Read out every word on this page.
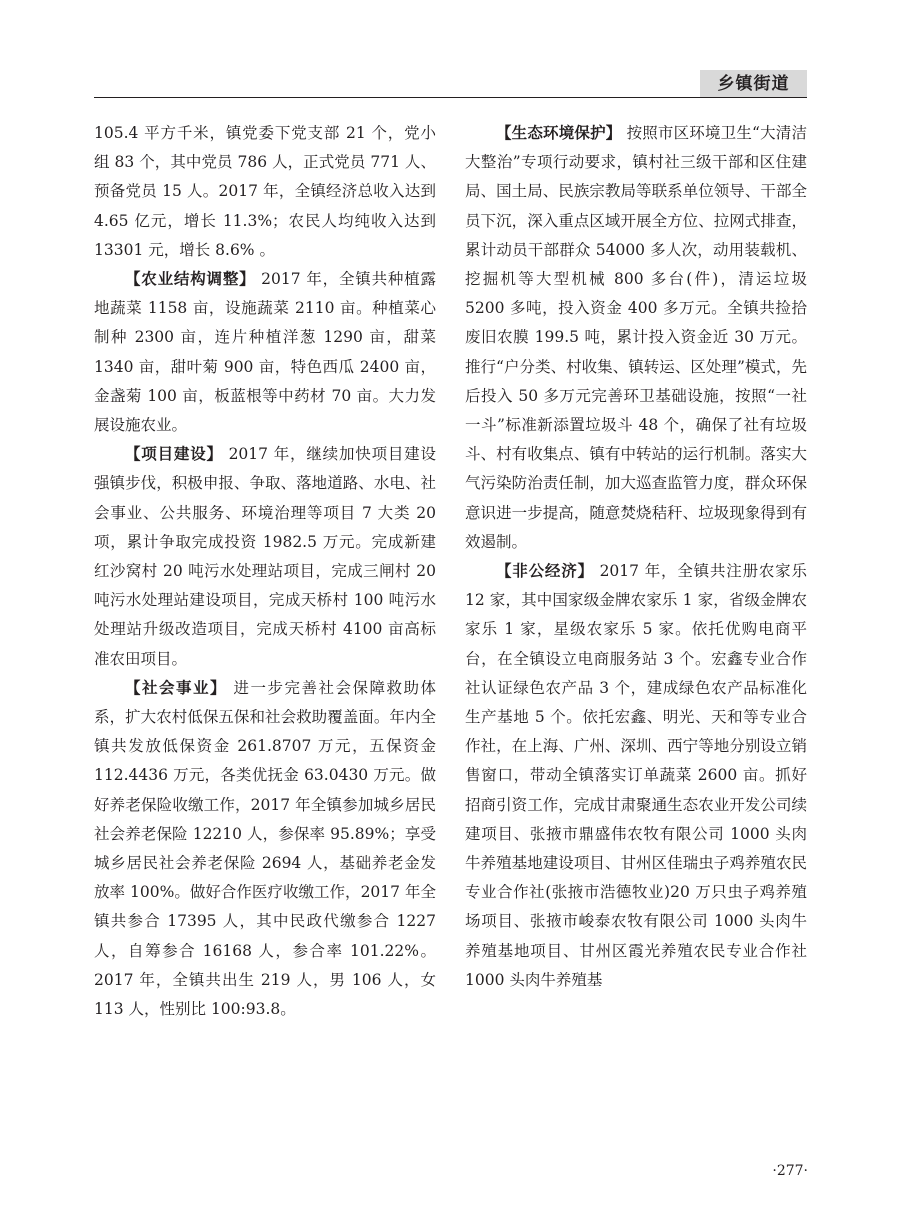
乡镇街道

105.4 平方千米，镇党委下党支部 21 个，党小组 83 个，其中党员 786 人，正式党员 771 人、预备党员 15 人。2017 年，全镇经济总收入达到 4.65 亿元，增长 11.3%；农民人均纯收入达到 13301 元，增长 8.6% 。

【农业结构调整】 2017 年，全镇共种植露地蔬菜 1158 亩，设施蔬菜 2110 亩。种植菜心制种 2300 亩，连片种植洋葱 1290 亩，甜菜 1340 亩，甜叶菊 900 亩，特色西瓜 2400 亩，金盏菊 100 亩，板蓝根等中药材 70 亩。大力发展设施农业。

【项目建设】 2017 年，继续加快项目建设强镇步伐，积极申报、争取、落地道路、水电、社会事业、公共服务、环境治理等项目 7 大类 20 项，累计争取完成投资 1982.5 万元。完成新建红沙窝村 20 吨污水处理站项目，完成三闸村 20 吨污水处理站建设项目，完成天桥村 100 吨污水处理站升级改造项目，完成天桥村 4100 亩高标准农田项目。

【社会事业】 进一步完善社会保障救助体系，扩大农村低保五保和社会救助覆盖面。年内全镇共发放低保资金 261.8707 万元，五保资金 112.4436 万元，各类优抚金 63.0430 万元。做好养老保险收缴工作，2017 年全镇参加城乡居民社会养老保险 12210 人，参保率 95.89%；享受城乡居民社会养老保险 2694 人，基础养老金发放率 100%。做好合作医疗收缴工作，2017 年全镇共参合 17395 人，其中民政代缴参合 1227 人，自筹参合 16168 人，参合率 101.22%。2017 年，全镇共出生 219 人，男 106 人，女 113 人，性别比 100:93.8。

【生态环境保护】 按照市区环境卫生“大清洁大整治”专项行动要求，镇村社三级干部和区住建局、国土局、民族宗教局等联系单位领导、干部全员下沉，深入重点区域开展全方位、拉网式排查，累计动员干部群众 54000 多人次，动用装载机、挖掘机等大型机械 800 多台(件)，清运垃圾 5200 多吨，投入资金 400 多万元。全镇共捡拾废旧农膜 199.5 吨，累计投入资金近 30 万元。推行“户分类、村收集、镇转运、区处理”模式，先后投入 50 多万元完善环卫基础设施，按照“一社一斗”标准新添置垃圾斗 48 个，确保了社有垃圾斗、村有收集点、镇有中转站的运行机制。落实大气污染防治责任制，加大巡查监管力度，群众环保意识进一步提高，随意焚烧秸秆、垃圾现象得到有效遏制。

【非公经济】 2017 年，全镇共注册农家乐 12 家，其中国家级金牌农家乐 1 家，省级金牌农家乐 1 家，星级农家乐 5 家。依托优购电商平台，在全镇设立电商服务站 3 个。宏鑫专业合作社认证绿色农产品 3 个，建成绿色农产品标准化生产基地 5 个。依托宏鑫、明光、天和等专业合作社，在上海、广州、深圳、西宁等地分别设立销售窗口，带动全镇落实订单蔬菜 2600 亩。抓好招商引资工作，完成甘肃聚通生态农业开发公司续建项目、张掖市鼎盛伟农牧有限公司 1000 头肉牛养殖基地建设项目、甘州区佳瑞虫子鸡养殖农民专业合作社(张掖市浩德牧业)20 万只虫子鸡养殖场项目、张掖市峻泰农牧有限公司 1000 头肉牛养殖基地项目、甘州区霞光养殖农民专业合作社 1000 头肉牛养殖基

·277·
